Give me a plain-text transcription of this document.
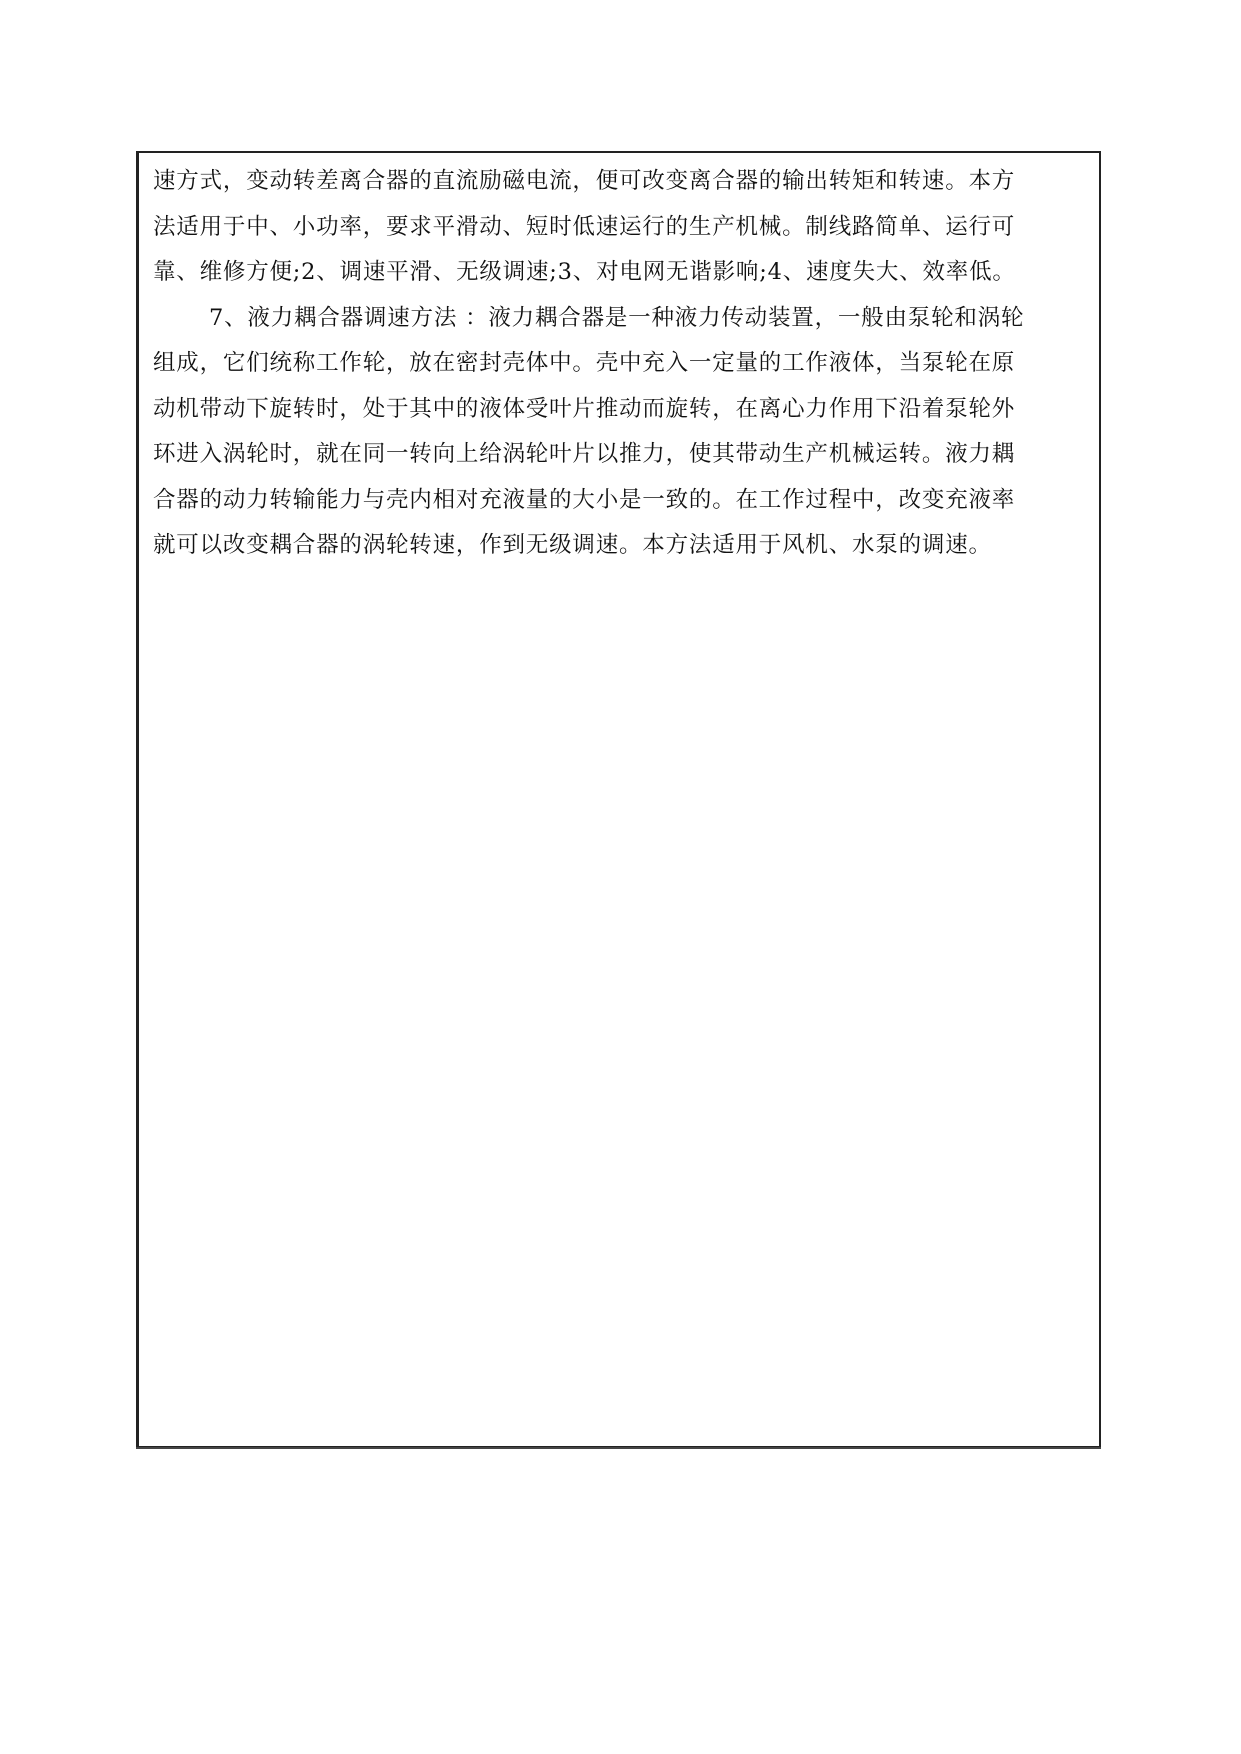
速方式，变动转差离合器的直流励磁电流，便可改变离合器的输出转矩和转速。本方
法适用于中、小功率，要求平滑动、短时低速运行的生产机械。制线路简单、运行可
靠、维修方便;2、调速平滑、无级调速;3、对电网无谐影响;4、速度失大、效率低。
7、液力耦合器调速方法 ：液力耦合器是一种液力传动装置，一般由泵轮和涡轮
组成，它们统称工作轮，放在密封壳体中。壳中充入一定量的工作液体，当泵轮在原
动机带动下旋转时，处于其中的液体受叶片推动而旋转，在离心力作用下沿着泵轮外
环进入涡轮时，就在同一转向上给涡轮叶片以推力，使其带动生产机械运转。液力耦
合器的动力转输能力与壳内相对充液量的大小是一致的。在工作过程中，改变充液率
就可以改变耦合器的涡轮转速，作到无级调速。本方法适用于风机、水泵的调速。
